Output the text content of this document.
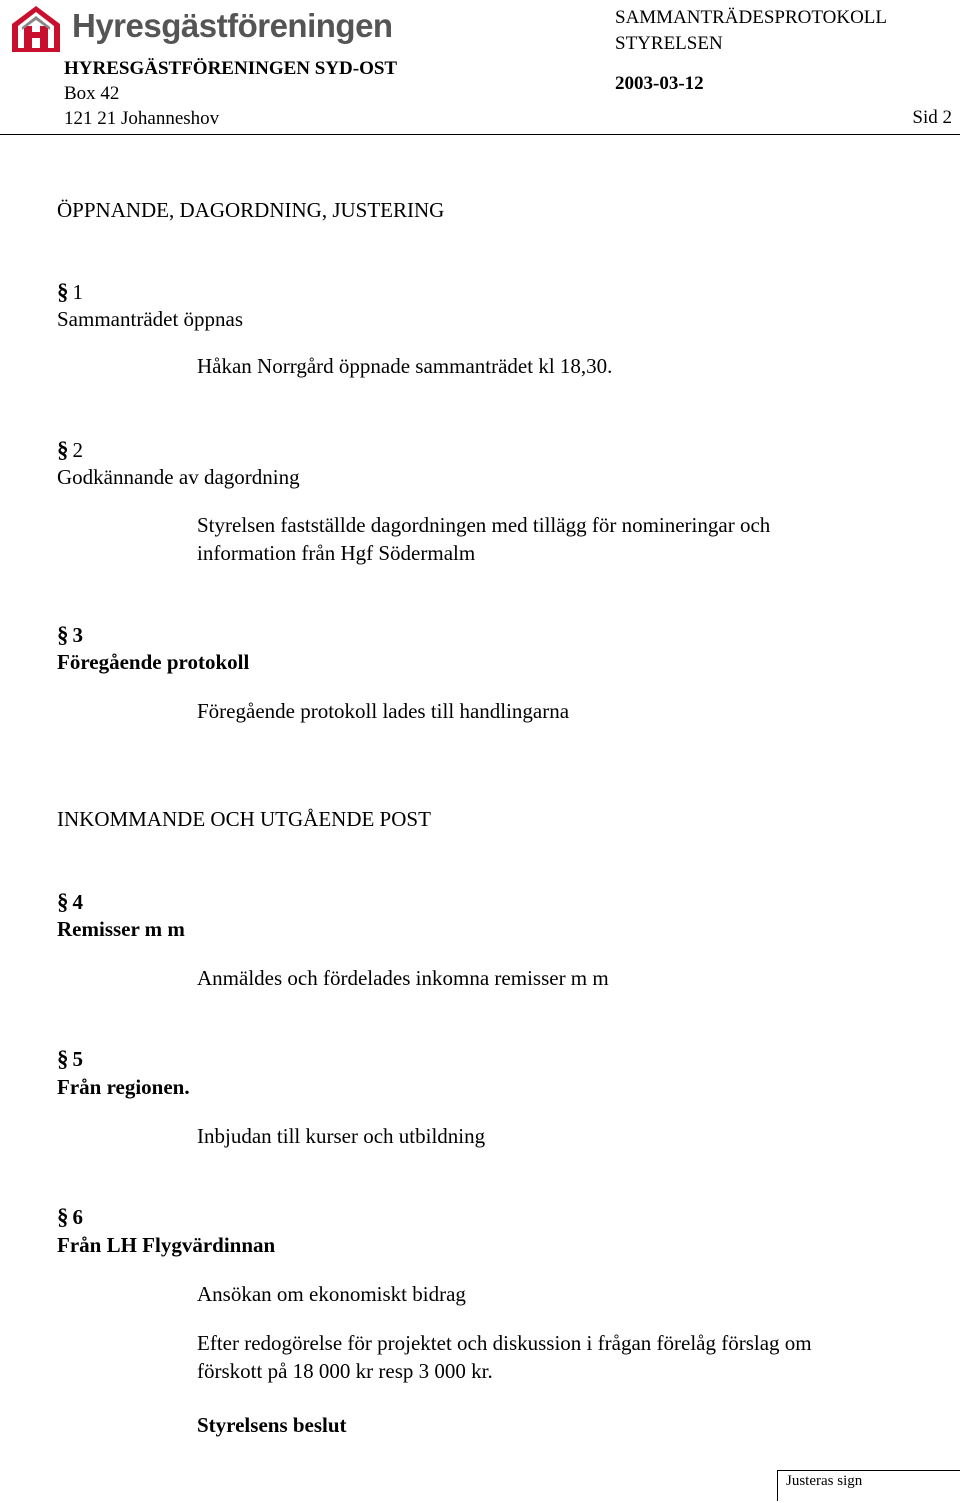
Hyresgästföreningen
HYRESGÄSTFÖRENINGEN SYD-OST
Box 42
121 21 Johanneshov
SAMMANTRÄDESPROTOKOLL
STYRELSEN
2003-03-12
Sid 2
ÖPPNANDE, DAGORDNING, JUSTERING
§ 1
Sammanträdet öppnas
Håkan Norrgård öppnade sammanträdet kl 18,30.
§ 2
Godkännande av dagordning
Styrelsen fastställde dagordningen med tillägg för nomineringar och
information från Hgf Södermalm
§ 3
Föregående protokoll
Föregående protokoll lades till handlingarna
INKOMMANDE OCH UTGÅENDE POST
§ 4
Remisser m m
Anmäldes och fördelades inkomna remisser m m
§ 5
Från regionen.
Inbjudan till kurser och utbildning
§ 6
Från LH Flygvärdinnan
Ansökan om ekonomiskt bidrag
Efter redogörelse för projektet och diskussion i frågan förelåg förslag om
förskott på 18 000 kr resp 3 000 kr.
Styrelsens beslut
Justeras sign
